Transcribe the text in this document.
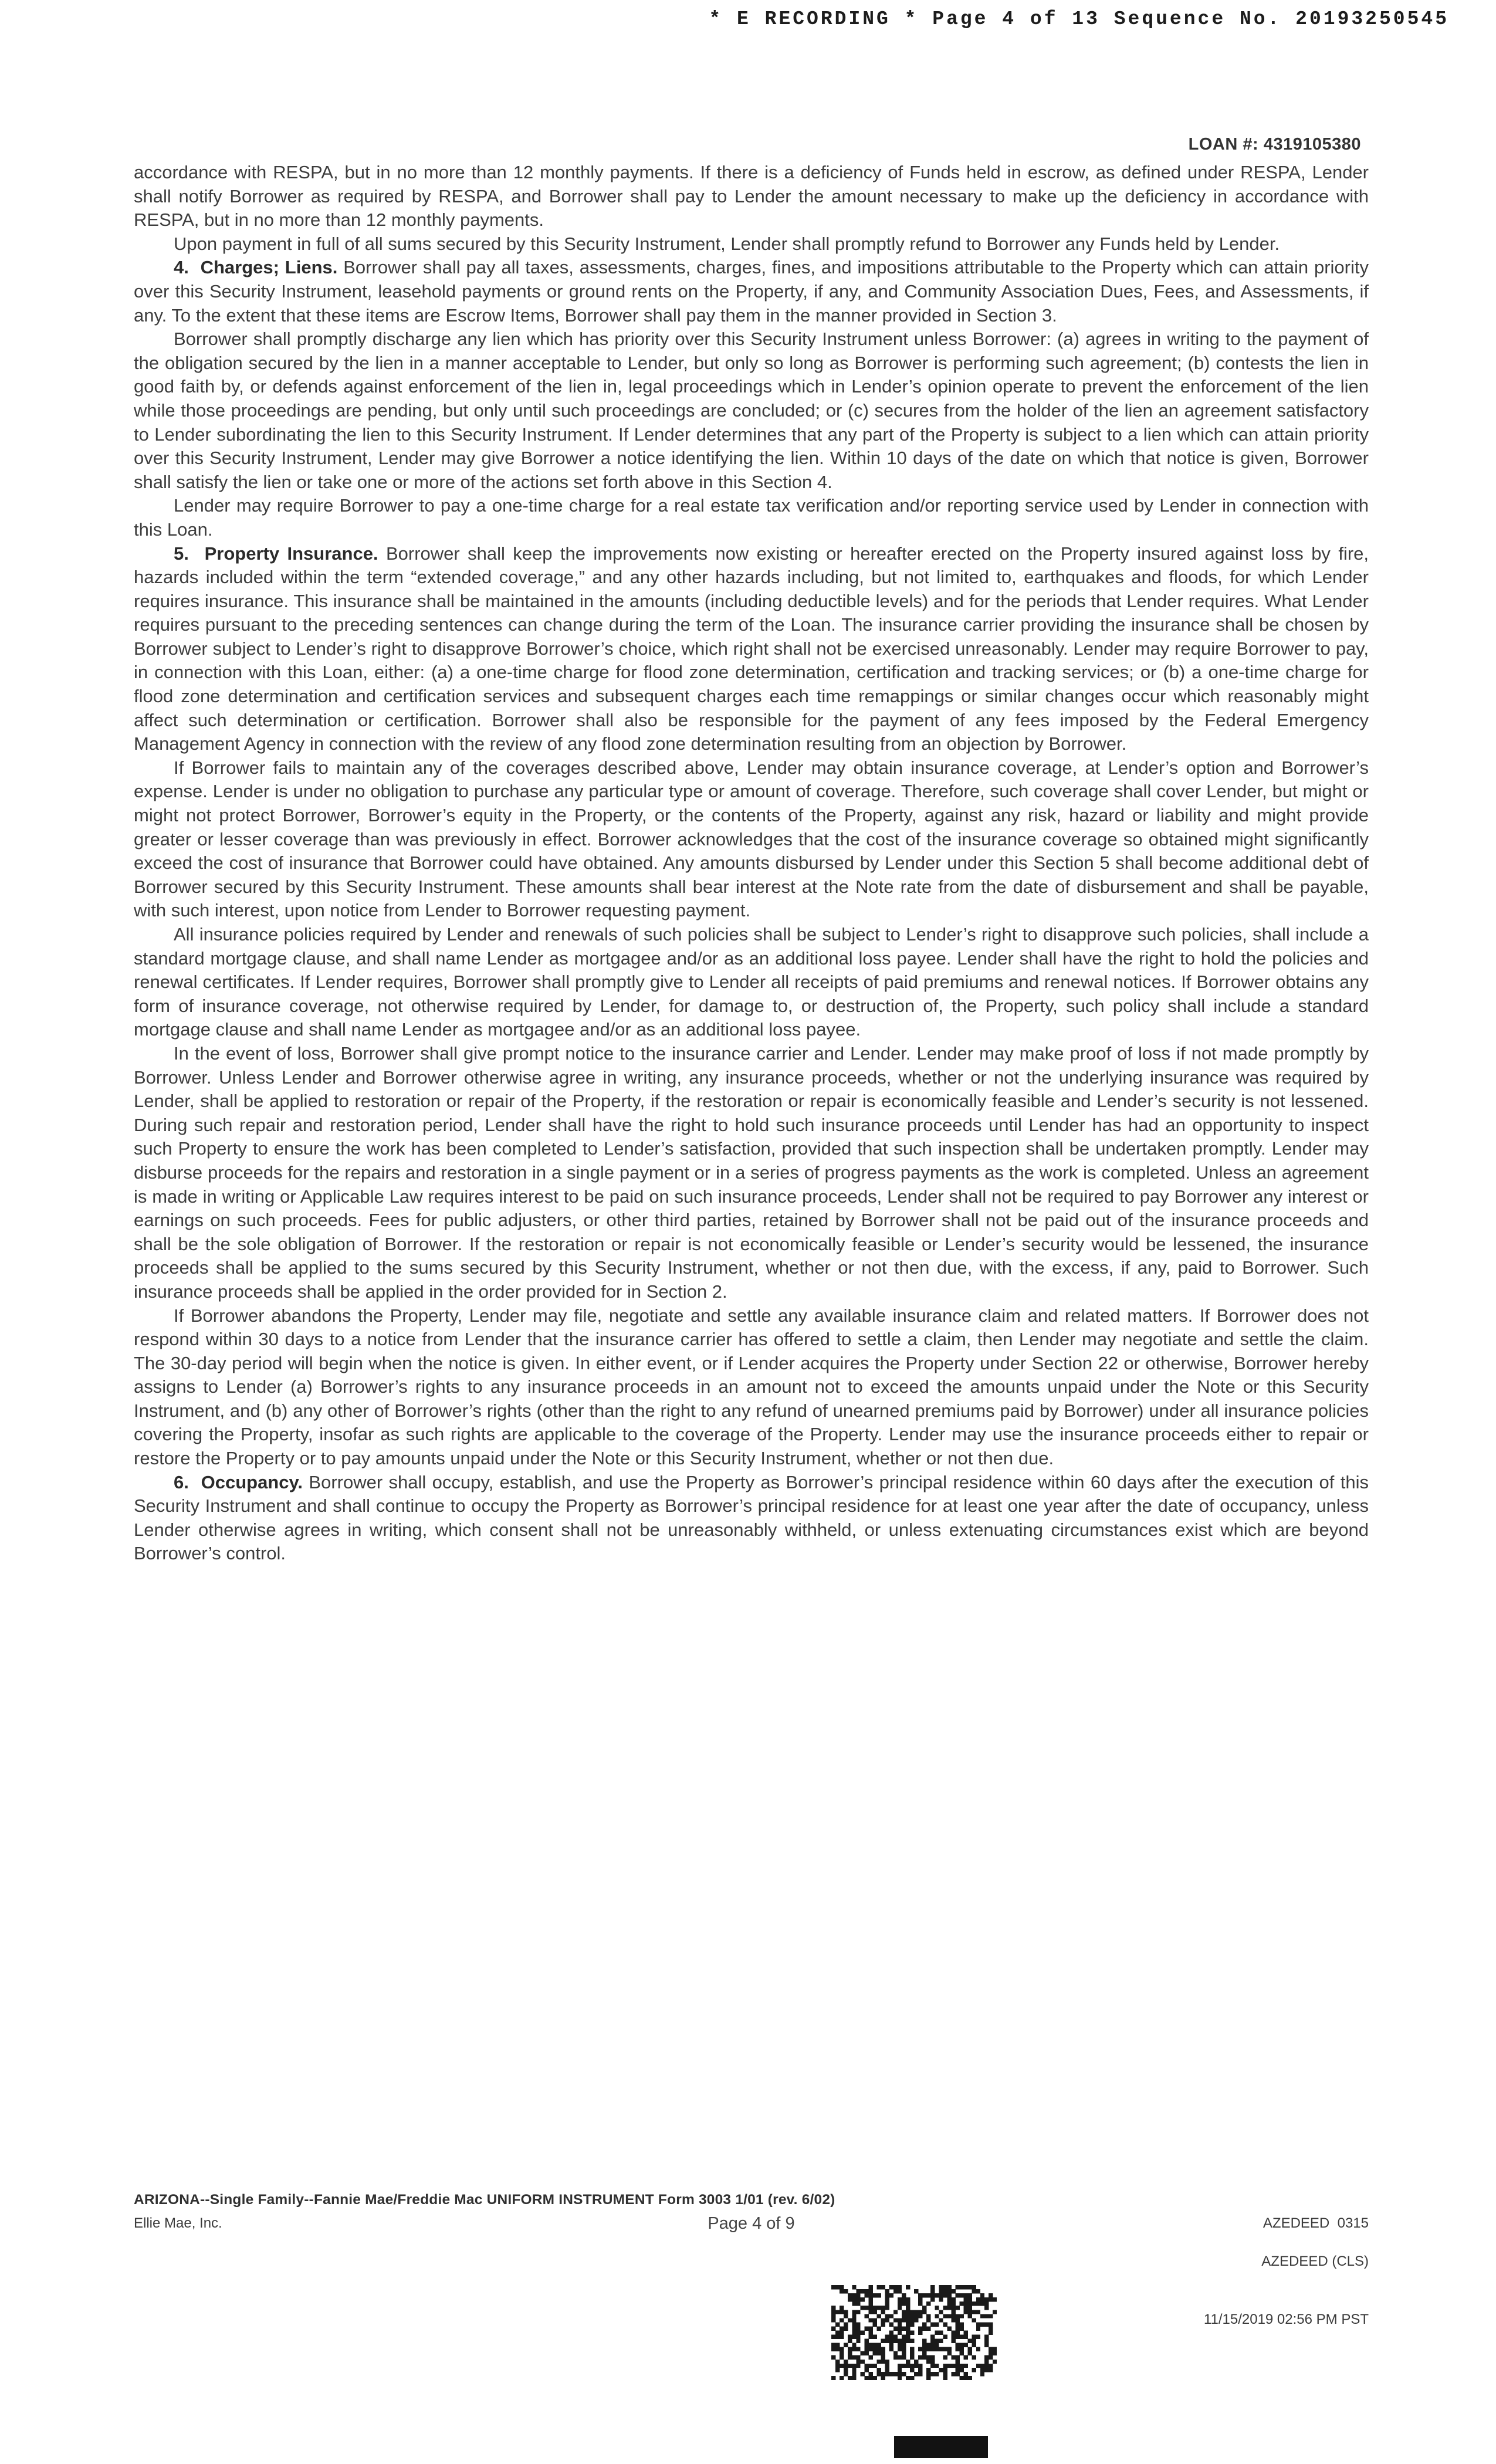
* E RECORDING * Page 4 of 13 Sequence No. 20193250545
LOAN #: 4319105380

accordance with RESPA, but in no more than 12 monthly payments. If there is a deficiency of Funds held in escrow, as defined under RESPA, Lender shall notify Borrower as required by RESPA, and Borrower shall pay to Lender the amount necessary to make up the deficiency in accordance with RESPA, but in no more than 12 monthly payments.

Upon payment in full of all sums secured by this Security Instrument, Lender shall promptly refund to Borrower any Funds held by Lender.

4.  Charges; Liens. Borrower shall pay all taxes, assessments, charges, fines, and impositions attributable to the Property which can attain priority over this Security Instrument, leasehold payments or ground rents on the Property, if any, and Community Association Dues, Fees, and Assessments, if any. To the extent that these items are Escrow Items, Borrower shall pay them in the manner provided in Section 3.

Borrower shall promptly discharge any lien which has priority over this Security Instrument unless Borrower: (a) agrees in writing to the payment of the obligation secured by the lien in a manner acceptable to Lender, but only so long as Borrower is performing such agreement; (b) contests the lien in good faith by, or defends against enforcement of the lien in, legal proceedings which in Lender’s opinion operate to prevent the enforcement of the lien while those proceedings are pending, but only until such proceedings are concluded; or (c) secures from the holder of the lien an agreement satisfactory to Lender subordinating the lien to this Security Instrument. If Lender determines that any part of the Property is subject to a lien which can attain priority over this Security Instrument, Lender may give Borrower a notice identifying the lien. Within 10 days of the date on which that notice is given, Borrower shall satisfy the lien or take one or more of the actions set forth above in this Section 4.

Lender may require Borrower to pay a one-time charge for a real estate tax verification and/or reporting service used by Lender in connection with this Loan.

5.  Property Insurance. Borrower shall keep the improvements now existing or hereafter erected on the Property insured against loss by fire, hazards included within the term “extended coverage,” and any other hazards including, but not limited to, earthquakes and floods, for which Lender requires insurance. This insurance shall be maintained in the amounts (including deductible levels) and for the periods that Lender requires. What Lender requires pursuant to the preceding sentences can change during the term of the Loan. The insurance carrier providing the insurance shall be chosen by Borrower subject to Lender’s right to disapprove Borrower’s choice, which right shall not be exercised unreasonably. Lender may require Borrower to pay, in connection with this Loan, either: (a) a one-time charge for flood zone determination, certification and tracking services; or (b) a one-time charge for flood zone determination and certification services and subsequent charges each time remappings or similar changes occur which reasonably might affect such determination or certification. Borrower shall also be responsible for the payment of any fees imposed by the Federal Emergency Management Agency in connection with the review of any flood zone determination resulting from an objection by Borrower.

If Borrower fails to maintain any of the coverages described above, Lender may obtain insurance coverage, at Lender’s option and Borrower’s expense. Lender is under no obligation to purchase any particular type or amount of coverage. Therefore, such coverage shall cover Lender, but might or might not protect Borrower, Borrower’s equity in the Property, or the contents of the Property, against any risk, hazard or liability and might provide greater or lesser coverage than was previously in effect. Borrower acknowledges that the cost of the insurance coverage so obtained might significantly exceed the cost of insurance that Borrower could have obtained. Any amounts disbursed by Lender under this Section 5 shall become additional debt of Borrower secured by this Security Instrument. These amounts shall bear interest at the Note rate from the date of disbursement and shall be payable, with such interest, upon notice from Lender to Borrower requesting payment.

All insurance policies required by Lender and renewals of such policies shall be subject to Lender’s right to disapprove such policies, shall include a standard mortgage clause, and shall name Lender as mortgagee and/or as an additional loss payee. Lender shall have the right to hold the policies and renewal certificates. If Lender requires, Borrower shall promptly give to Lender all receipts of paid premiums and renewal notices. If Borrower obtains any form of insurance coverage, not otherwise required by Lender, for damage to, or destruction of, the Property, such policy shall include a standard mortgage clause and shall name Lender as mortgagee and/or as an additional loss payee.

In the event of loss, Borrower shall give prompt notice to the insurance carrier and Lender. Lender may make proof of loss if not made promptly by Borrower. Unless Lender and Borrower otherwise agree in writing, any insurance proceeds, whether or not the underlying insurance was required by Lender, shall be applied to restoration or repair of the Property, if the restoration or repair is economically feasible and Lender’s security is not lessened. During such repair and restoration period, Lender shall have the right to hold such insurance proceeds until Lender has had an opportunity to inspect such Property to ensure the work has been completed to Lender’s satisfaction, provided that such inspection shall be undertaken promptly. Lender may disburse proceeds for the repairs and restoration in a single payment or in a series of progress payments as the work is completed. Unless an agreement is made in writing or Applicable Law requires interest to be paid on such insurance proceeds, Lender shall not be required to pay Borrower any interest or earnings on such proceeds. Fees for public adjusters, or other third parties, retained by Borrower shall not be paid out of the insurance proceeds and shall be the sole obligation of Borrower. If the restoration or repair is not economically feasible or Lender’s security would be lessened, the insurance proceeds shall be applied to the sums secured by this Security Instrument, whether or not then due, with the excess, if any, paid to Borrower. Such insurance proceeds shall be applied in the order provided for in Section 2.

If Borrower abandons the Property, Lender may file, negotiate and settle any available insurance claim and related matters. If Borrower does not respond within 30 days to a notice from Lender that the insurance carrier has offered to settle a claim, then Lender may negotiate and settle the claim. The 30-day period will begin when the notice is given. In either event, or if Lender acquires the Property under Section 22 or otherwise, Borrower hereby assigns to Lender (a) Borrower’s rights to any insurance proceeds in an amount not to exceed the amounts unpaid under the Note or this Security Instrument, and (b) any other of Borrower’s rights (other than the right to any refund of unearned premiums paid by Borrower) under all insurance policies covering the Property, insofar as such rights are applicable to the coverage of the Property. Lender may use the insurance proceeds either to repair or restore the Property or to pay amounts unpaid under the Note or this Security Instrument, whether or not then due.

6.  Occupancy. Borrower shall occupy, establish, and use the Property as Borrower’s principal residence within 60 days after the execution of this Security Instrument and shall continue to occupy the Property as Borrower’s principal residence for at least one year after the date of occupancy, unless Lender otherwise agrees in writing, which consent shall not be unreasonably withheld, or unless extenuating circumstances exist which are beyond Borrower’s control.

ARIZONA--Single Family--Fannie Mae/Freddie Mac UNIFORM INSTRUMENT Form 3003 1/01 (rev. 6/02)
Ellie Mae, Inc.	Page 4 of 9	AZEDEED  0315

AZEDEED (CLS)

11/15/2019 02:56 PM PST
